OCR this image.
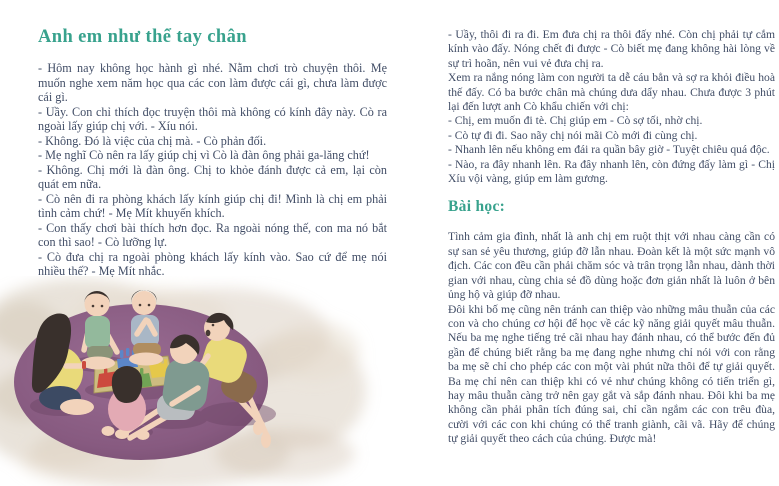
Anh em như thể tay chân

- Hôm nay không học hành gì nhé. Nằm chơi trò chuyện thôi. Mẹ muốn nghe xem năm học qua các con làm được cái gì, chưa làm được cái gì.

- Uầy. Con chỉ thích đọc truyện thôi mà không có kính đây này. Cò ra ngoài lấy giúp chị với. - Xíu nói.

- Không. Đó là việc của chị mà. - Cò phản đối.

- Mẹ nghĩ Cò nên ra lấy giúp chị vì Cò là đàn ông phải ga-lăng chứ!

- Không. Chị mới là đàn ông. Chị to khỏe đánh được cả em, lại còn quát em nữa.

- Cò nên đi ra phòng khách lấy kính giúp chị đi! Mình là chị em phải tình cảm chứ! - Mẹ Mít khuyến khích.

- Con thấy chơi bài thích hơn đọc. Ra ngoài nóng thế, con ma nó bắt con thì sao! - Cò lưỡng lự.

- Cò đưa chị ra ngoài phòng khách lấy kính vào. Sao cứ để mẹ nói nhiều thế? - Mẹ Mít nhắc.

- Uầy, thôi đi ra đi. Em đưa chị ra thôi đấy nhé. Còn chị phải tự cắm kính vào đấy. Nóng chết đi được - Cò biết mẹ đang không hài lòng về sự trì hoãn, nên vui vẻ đưa chị ra.

Xem ra nắng nóng làm con người ta dễ cáu bẳn và sợ ra khỏi điều hoà thế đấy. Có ba bước chân mà chúng dưa dẩy nhau. Chưa được 3 phút lại đến lượt anh Cò khẩu chiến với chị:

- Chị, em muốn đi tè. Chị giúp em - Cò sợ tối, nhờ chị.

- Cò tự đi đi. Sao nãy chị nói mãi Cò mới đi cùng chị.

- Nhanh lên nếu không em đái ra quần bây giờ - Tuyệt chiêu quá độc.

- Nào, ra đây nhanh lên. Ra đây nhanh lên, còn đứng đấy làm gì - Chị Xíu vội vàng, giúp em làm gương.

Bài học:

Tình cảm gia đình, nhất là anh chị em ruột thịt với nhau càng cần có sự san sẻ yêu thương, giúp đỡ lẫn nhau. Đoàn kết là một sức mạnh vô địch. Các con đều cần phải chăm sóc và trân trọng lẫn nhau, dành thời gian với nhau, cùng chia sẻ đồ dùng hoặc đơn giản nhất là luôn ở bên ủng hộ và giúp đỡ nhau.

Đôi khi bố mẹ cũng nên tránh can thiệp vào những mâu thuẫn của các con và cho chúng cơ hội để học về các kỹ năng giải quyết mâu thuẫn. Nếu ba mẹ nghe tiếng trẻ cãi nhau hay đánh nhau, có thể bước đến đủ gần để chúng biết rằng ba mẹ đang nghe nhưng chỉ nói với con rằng ba mẹ sẽ chỉ cho phép các con một vài phút nữa thôi để tự giải quyết. Ba mẹ chỉ nên can thiệp khi có vẻ như chúng không có tiến triển gì, hay mâu thuẫn càng trở nên gay gắt và sắp đánh nhau. Đôi khi ba mẹ không cần phải phân tích đúng sai, chỉ cần ngắm các con trêu đùa, cười với các con khi chúng có thể tranh giành, cãi vã. Hãy để chúng tự giải quyết theo cách của chúng. Được mà!
